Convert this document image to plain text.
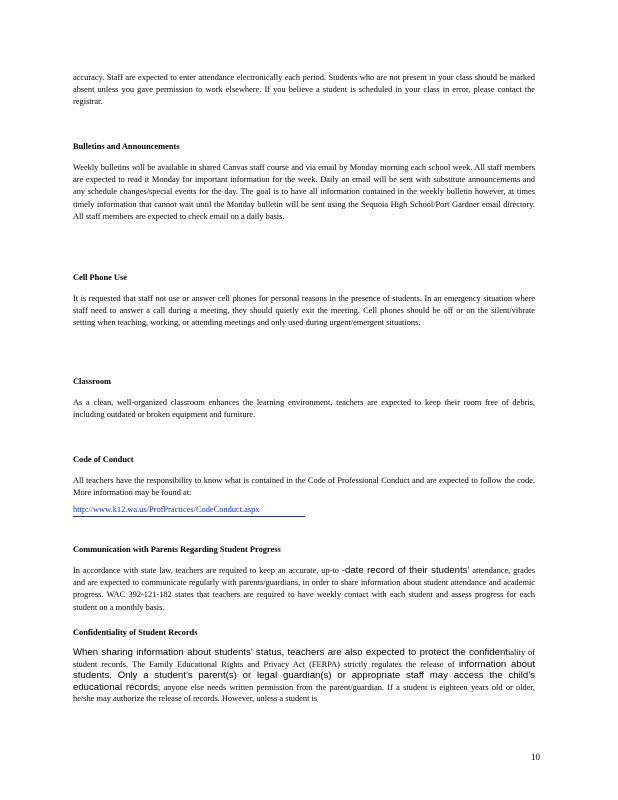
accuracy. Staff are expected to enter attendance electronically each period. Students who are not present in your class should be marked absent unless you gave permission to work elsewhere. If you believe a student is scheduled in your class in error, please contact the registrar.

Bulletins and Announcements

Weekly bulletins will be available in shared Canvas staff course and via email by Monday morning each school week. All staff members are expected to read it Monday for important information for the week. Daily an email will be sent with substitute announcements and any schedule changes/special events for the day. The goal is to have all information contained in the weekly bulletin however, at times timely information that cannot wait until the Monday bulletin will be sent using the Sequoia High School/Port Gardner email directory. All staff members are expected to check email on a daily basis.

Cell Phone Use

It is requested that staff not use or answer cell phones for personal reasons in the presence of students. In an emergency situation where staff need to answer a call during a meeting, they should quietly exit the meeting. Cell phones should be off or on the silent/vibrate setting when teaching, working, or attending meetings and only used during urgent/emergent situations.

Classroom

As a clean, well-organized classroom enhances the learning environment, teachers are expected to keep their room free of debris, including outdated or broken equipment and furniture.

Code of Conduct

All teachers have the responsibility to know what is contained in the Code of Professional Conduct and are expected to follow the code. More information may be found at:

http://www.k12.wa.us/ProfPractices/CodeConduct.aspx

Communication with Parents Regarding Student Progress

In accordance with state law, teachers are required to keep an accurate, up-to -date record of their students’ attendance, grades and are expected to communicate regularly with parents/guardians, in order to share information about student attendance and academic progress. WAC 392-121-182 states that teachers are required to have weekly contact with each student and assess progress for each student on a monthly basis.

Confidentiality of Student Records

When sharing information about students’ status, teachers are also expected to protect the confidentiality of student records. The Family Educational Rights and Privacy Act (FERPA) strictly regulates the release of information about students. Only a student’s parent(s) or legal guardian(s) or appropriate staff may access the child’s educational records; anyone else needs written permission from the parent/guardian. If a student is eighteen years old or older, he/she may authorize the release of records. However, unless a student is

10
